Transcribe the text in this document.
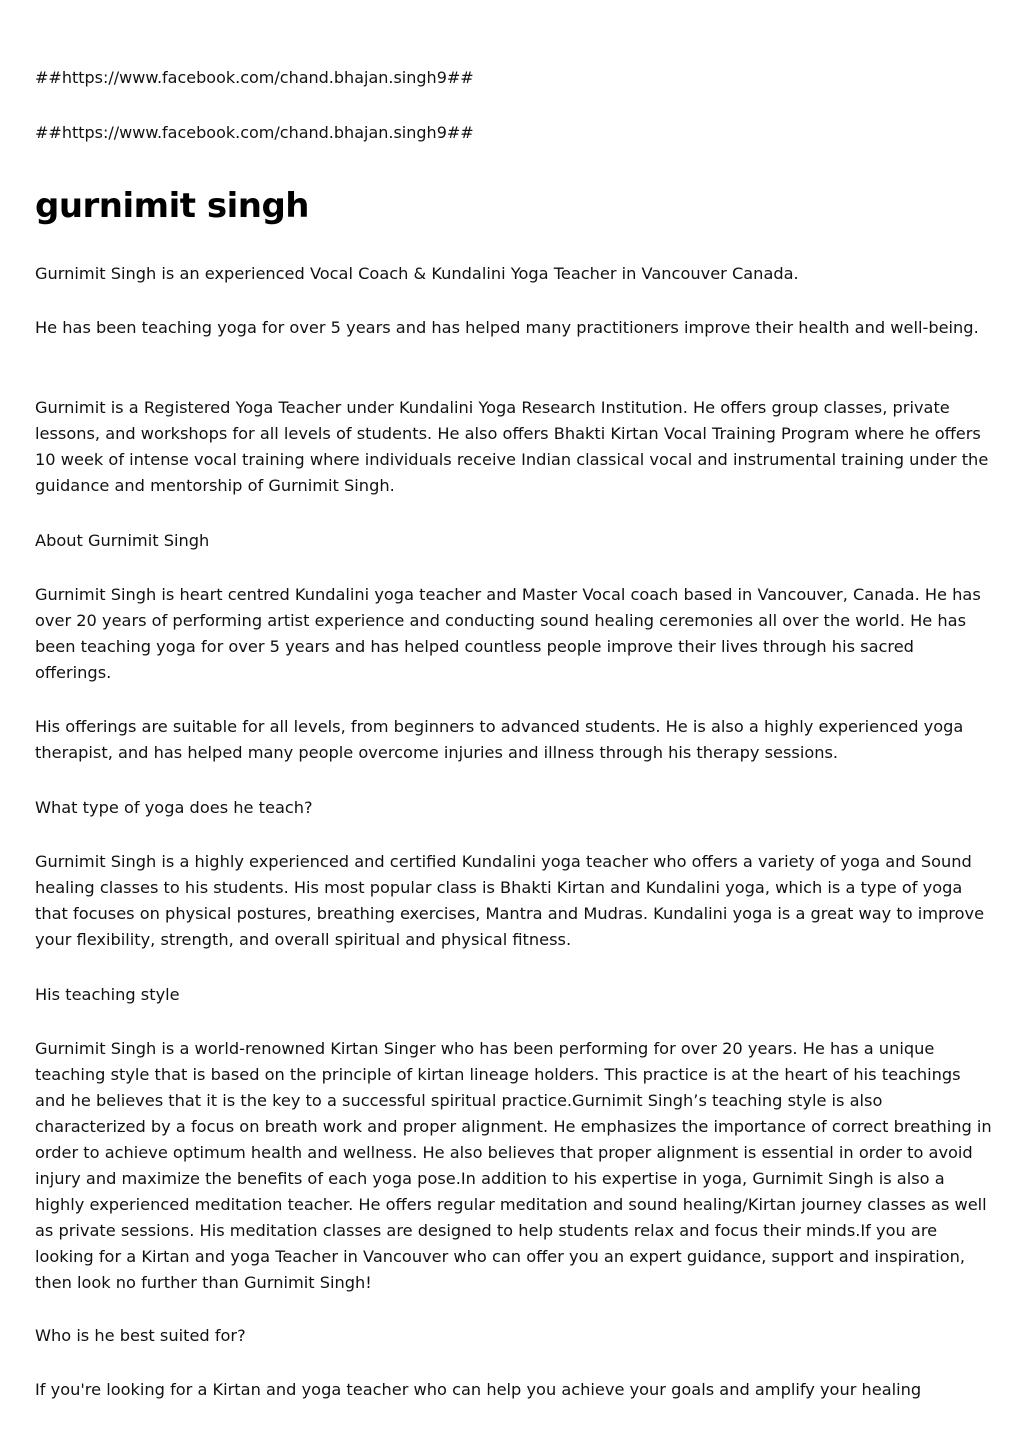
##https://www.facebook.com/chand.bhajan.singh9##
##https://www.facebook.com/chand.bhajan.singh9##
gurnimit singh

Gurnimit Singh is an experienced Vocal Coach & Kundalini Yoga Teacher in Vancouver Canada.

He has been teaching yoga for over 5 years and has helped many practitioners improve their health and well-being.

Gurnimit is a Registered Yoga Teacher under Kundalini Yoga Research Institution. He offers group classes, private lessons, and workshops for all levels of students. He also offers Bhakti Kirtan Vocal Training Program where he offers 10 week of intense vocal training where individuals receive Indian classical vocal and instrumental training under the guidance and mentorship of Gurnimit Singh.

About Gurnimit Singh

Gurnimit Singh is heart centred Kundalini yoga teacher and Master Vocal coach based in Vancouver, Canada. He has over 20 years of performing artist experience and conducting sound healing ceremonies all over the world. He has been teaching yoga for over 5 years and has helped countless people improve their lives through his sacred offerings.

His offerings are suitable for all levels, from beginners to advanced students. He is also a highly experienced yoga therapist, and has helped many people overcome injuries and illness through his therapy sessions.

What type of yoga does he teach?

Gurnimit Singh is a highly experienced and certified Kundalini yoga teacher who offers a variety of yoga and Sound healing classes to his students. His most popular class is Bhakti Kirtan and Kundalini yoga, which is a type of yoga that focuses on physical postures, breathing exercises, Mantra and Mudras. Kundalini yoga is a great way to improve your flexibility, strength, and overall spiritual and physical fitness.

His teaching style

Gurnimit Singh is a world-renowned Kirtan Singer who has been performing for over 20 years. He has a unique teaching style that is based on the principle of kirtan lineage holders. This practice is at the heart of his teachings and he believes that it is the key to a successful spiritual practice.Gurnimit Singh’s teaching style is also characterized by a focus on breath work and proper alignment. He emphasizes the importance of correct breathing in order to achieve optimum health and wellness. He also believes that proper alignment is essential in order to avoid injury and maximize the benefits of each yoga pose.In addition to his expertise in yoga, Gurnimit Singh is also a highly experienced meditation teacher. He offers regular meditation and sound healing/Kirtan journey classes as well as private sessions. His meditation classes are designed to help students relax and focus their minds.If you are looking for a Kirtan and yoga Teacher in Vancouver who can offer you an expert guidance, support and inspiration, then look no further than Gurnimit Singh!

Who is he best suited for?

If you're looking for a Kirtan and yoga teacher who can help you achieve your goals and amplify your healing
